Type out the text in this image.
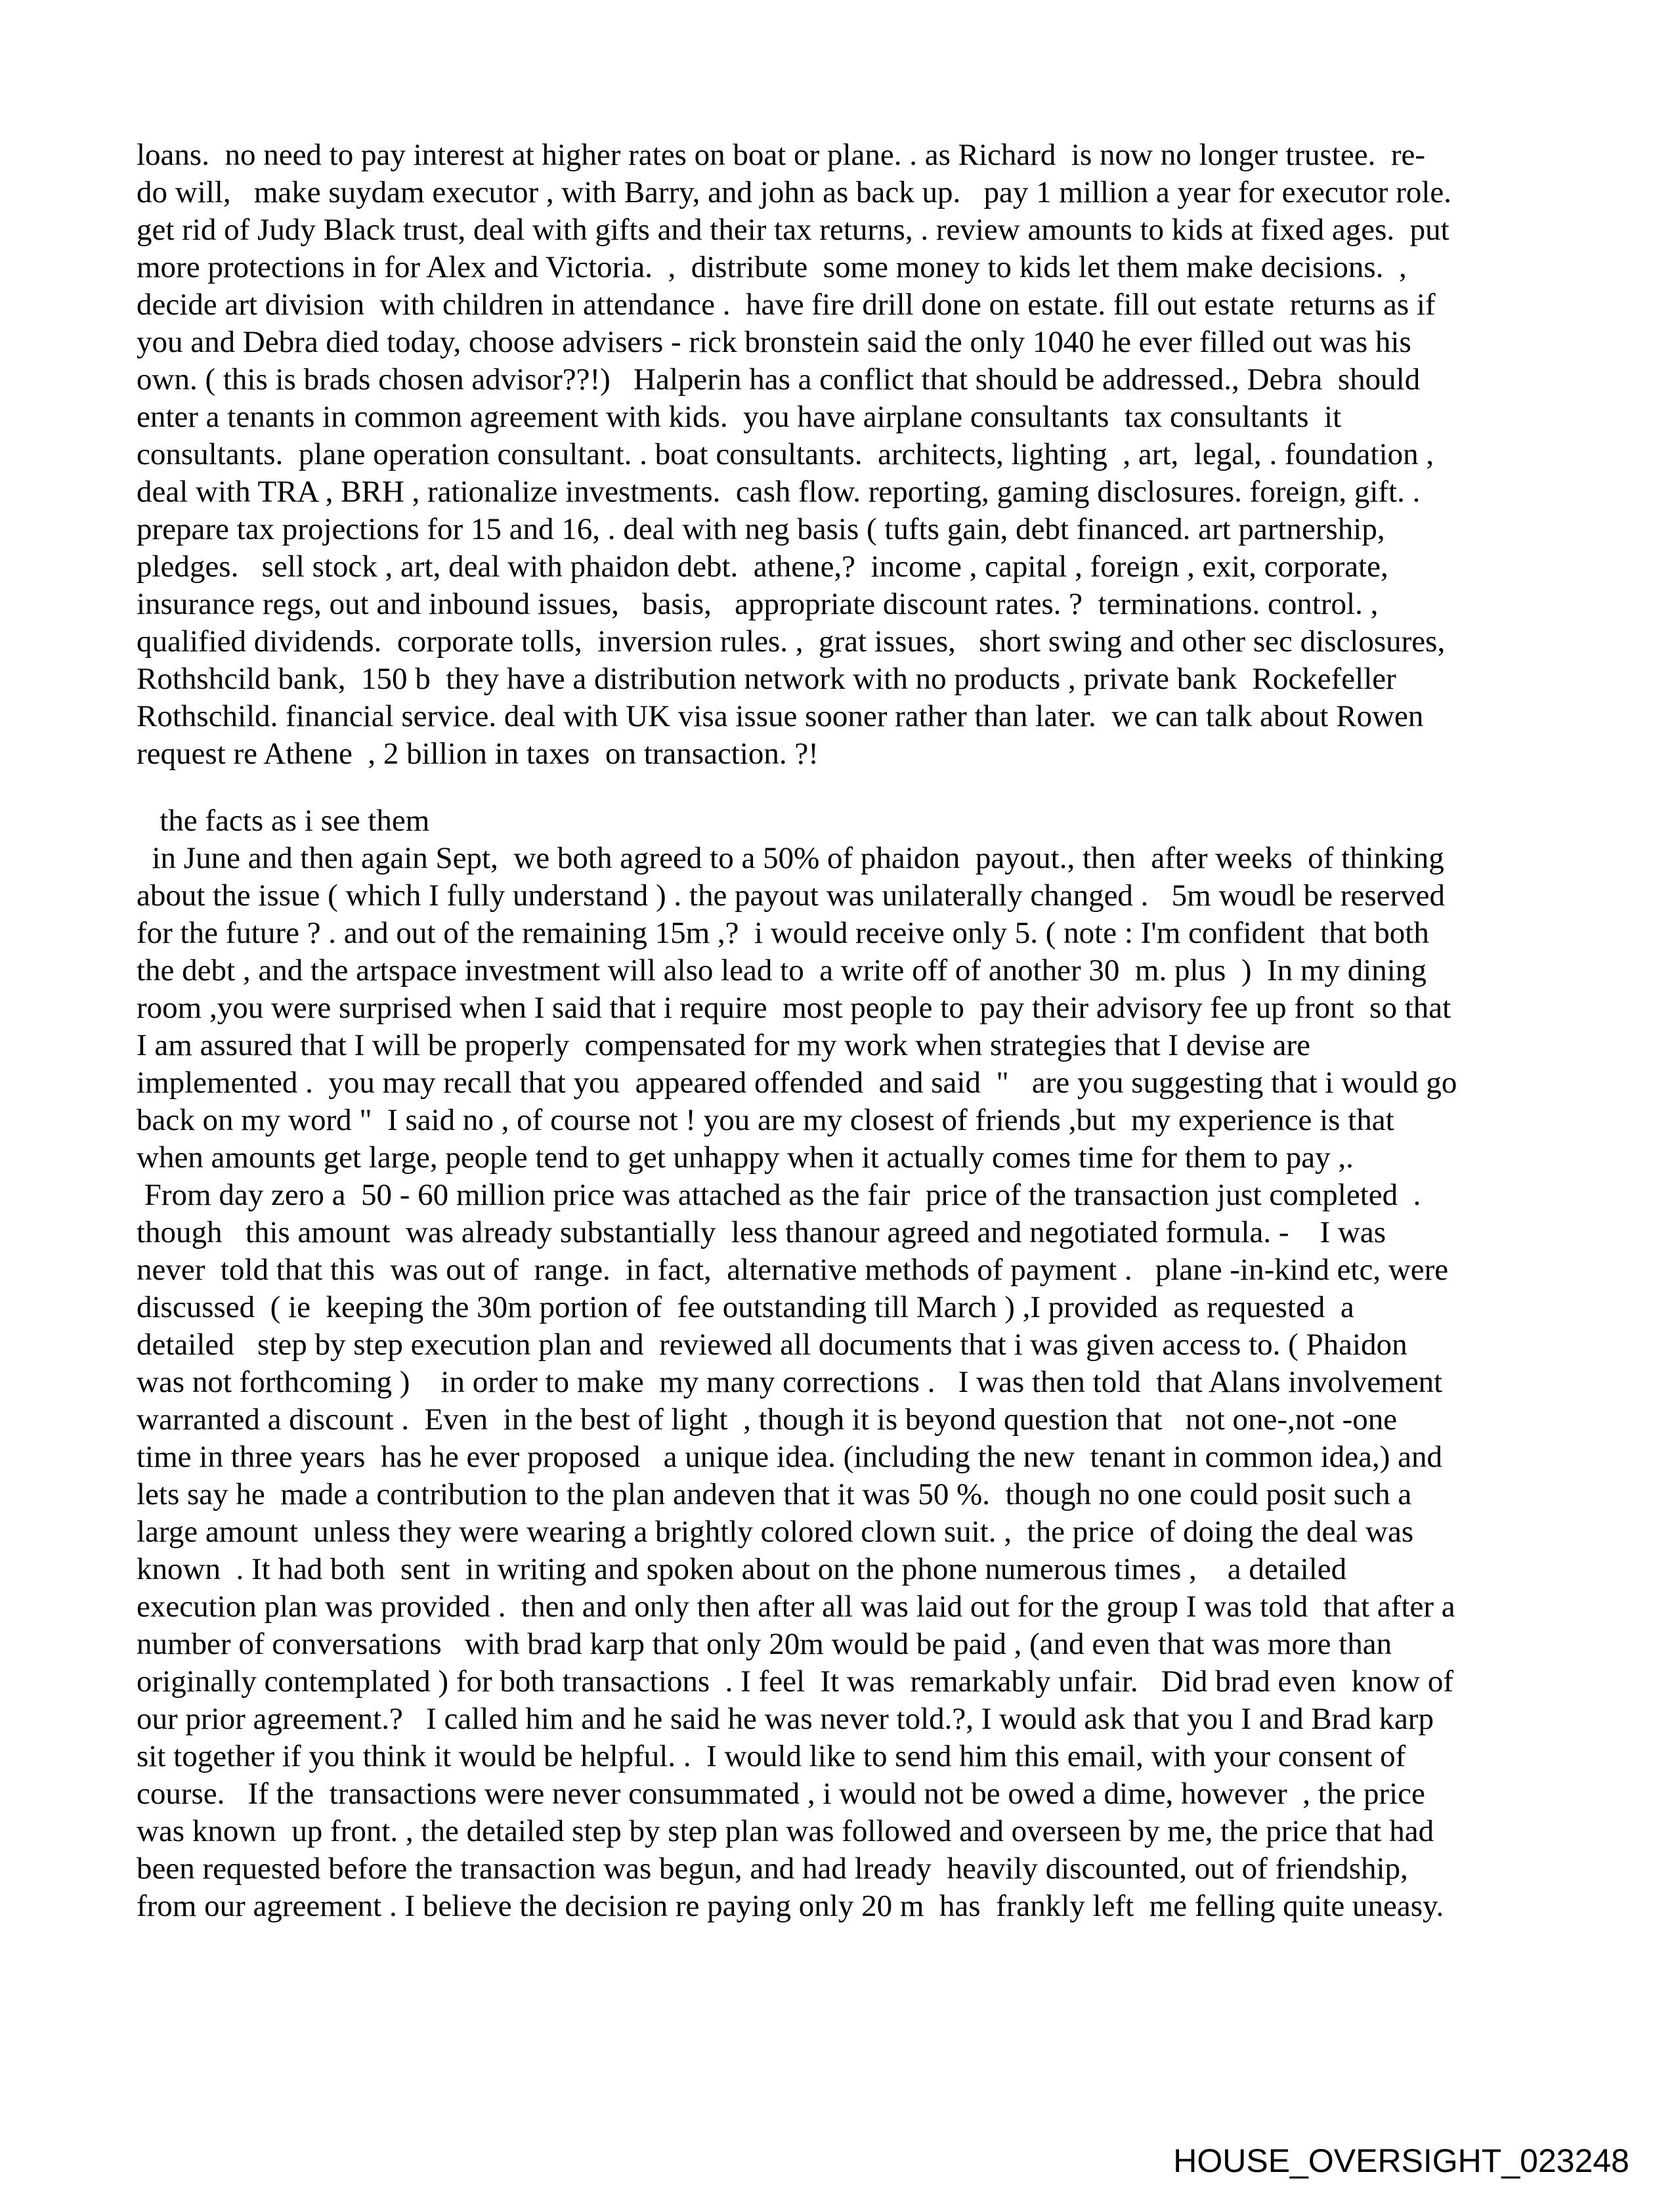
loans.  no need to pay interest at higher rates on boat or plane. . as Richard  is now no longer trustee.  re-
do will,   make suydam executor , with Barry, and john as back up.   pay 1 million a year for executor role.
get rid of Judy Black trust, deal with gifts and their tax returns, . review amounts to kids at fixed ages.  put
more protections in for Alex and Victoria.  ,  distribute  some money to kids let them make decisions.  ,
decide art division  with children in attendance .  have fire drill done on estate. fill out estate  returns as if
you and Debra died today, choose advisers - rick bronstein said the only 1040 he ever filled out was his
own. ( this is brads chosen advisor??!)   Halperin has a conflict that should be addressed., Debra  should
enter a tenants in common agreement with kids.  you have airplane consultants  tax consultants  it
consultants.  plane operation consultant. . boat consultants.  architects, lighting  , art,  legal, . foundation ,
deal with TRA , BRH , rationalize investments.  cash flow. reporting, gaming disclosures. foreign, gift. .
prepare tax projections for 15 and 16, . deal with neg basis ( tufts gain, debt financed. art partnership,
pledges.   sell stock , art, deal with phaidon debt.  athene,?  income , capital , foreign , exit, corporate,
insurance regs, out and inbound issues,   basis,   appropriate discount rates. ?  terminations. control. ,
qualified dividends.  corporate tolls,  inversion rules. ,  grat issues,   short swing and other sec disclosures,
Rothshcild bank,  150 b  they have a distribution network with no products , private bank  Rockefeller
Rothschild. financial service. deal with UK visa issue sooner rather than later.  we can talk about Rowen
request re Athene  , 2 billion in taxes  on transaction. ?!
the facts as i see them
in June and then again Sept,  we both agreed to a 50% of phaidon  payout., then  after weeks  of thinking
about the issue ( which I fully understand ) . the payout was unilaterally changed .   5m woudl be reserved
for the future ? . and out of the remaining 15m ,?  i would receive only 5. ( note : I'm confident  that both
the debt , and the artspace investment will also lead to  a write off of another 30  m. plus  )  In my dining
room ,you were surprised when I said that i require  most people to  pay their advisory fee up front  so that
I am assured that I will be properly  compensated for my work when strategies that I devise are
implemented .  you may recall that you  appeared offended  and said  "   are you suggesting that i would go
back on my word "  I said no , of course not ! you are my closest of friends ,but  my experience is that
when amounts get large, people tend to get unhappy when it actually comes time for them to pay ,.
From day zero a  50 - 60 million price was attached as the fair  price of the transaction just completed  .
though   this amount  was already substantially  less thanour agreed and negotiated formula. -    I was
never  told that this  was out of  range.  in fact,  alternative methods of payment .   plane -in-kind etc, were
discussed  ( ie  keeping the 30m portion of  fee outstanding till March ) ,I provided  as requested  a
detailed   step by step execution plan and  reviewed all documents that i was given access to. ( Phaidon
was not forthcoming )    in order to make  my many corrections .   I was then told  that Alans involvement
warranted a discount .  Even  in the best of light  , though it is beyond question that   not one-,not -one
time in three years  has he ever proposed   a unique idea. (including the new  tenant in common idea,) and
lets say he  made a contribution to the plan andeven that it was 50 %.  though no one could posit such a
large amount  unless they were wearing a brightly colored clown suit. ,  the price  of doing the deal was
known  . It had both  sent  in writing and spoken about on the phone numerous times ,    a detailed
execution plan was provided .  then and only then after all was laid out for the group I was told  that after a
number of conversations   with brad karp that only 20m would be paid , (and even that was more than
originally contemplated ) for both transactions  . I feel  It was  remarkably unfair.   Did brad even  know of
our prior agreement.?   I called him and he said he was never told.?, I would ask that you I and Brad karp
sit together if you think it would be helpful. .  I would like to send him this email, with your consent of
course.   If the  transactions were never consummated , i would not be owed a dime, however  , the price
was known  up front. , the detailed step by step plan was followed and overseen by me, the price that had
been requested before the transaction was begun, and had lready  heavily discounted, out of friendship,
from our agreement . I believe the decision re paying only 20 m  has  frankly left  me felling quite uneasy.
HOUSE_OVERSIGHT_023248
